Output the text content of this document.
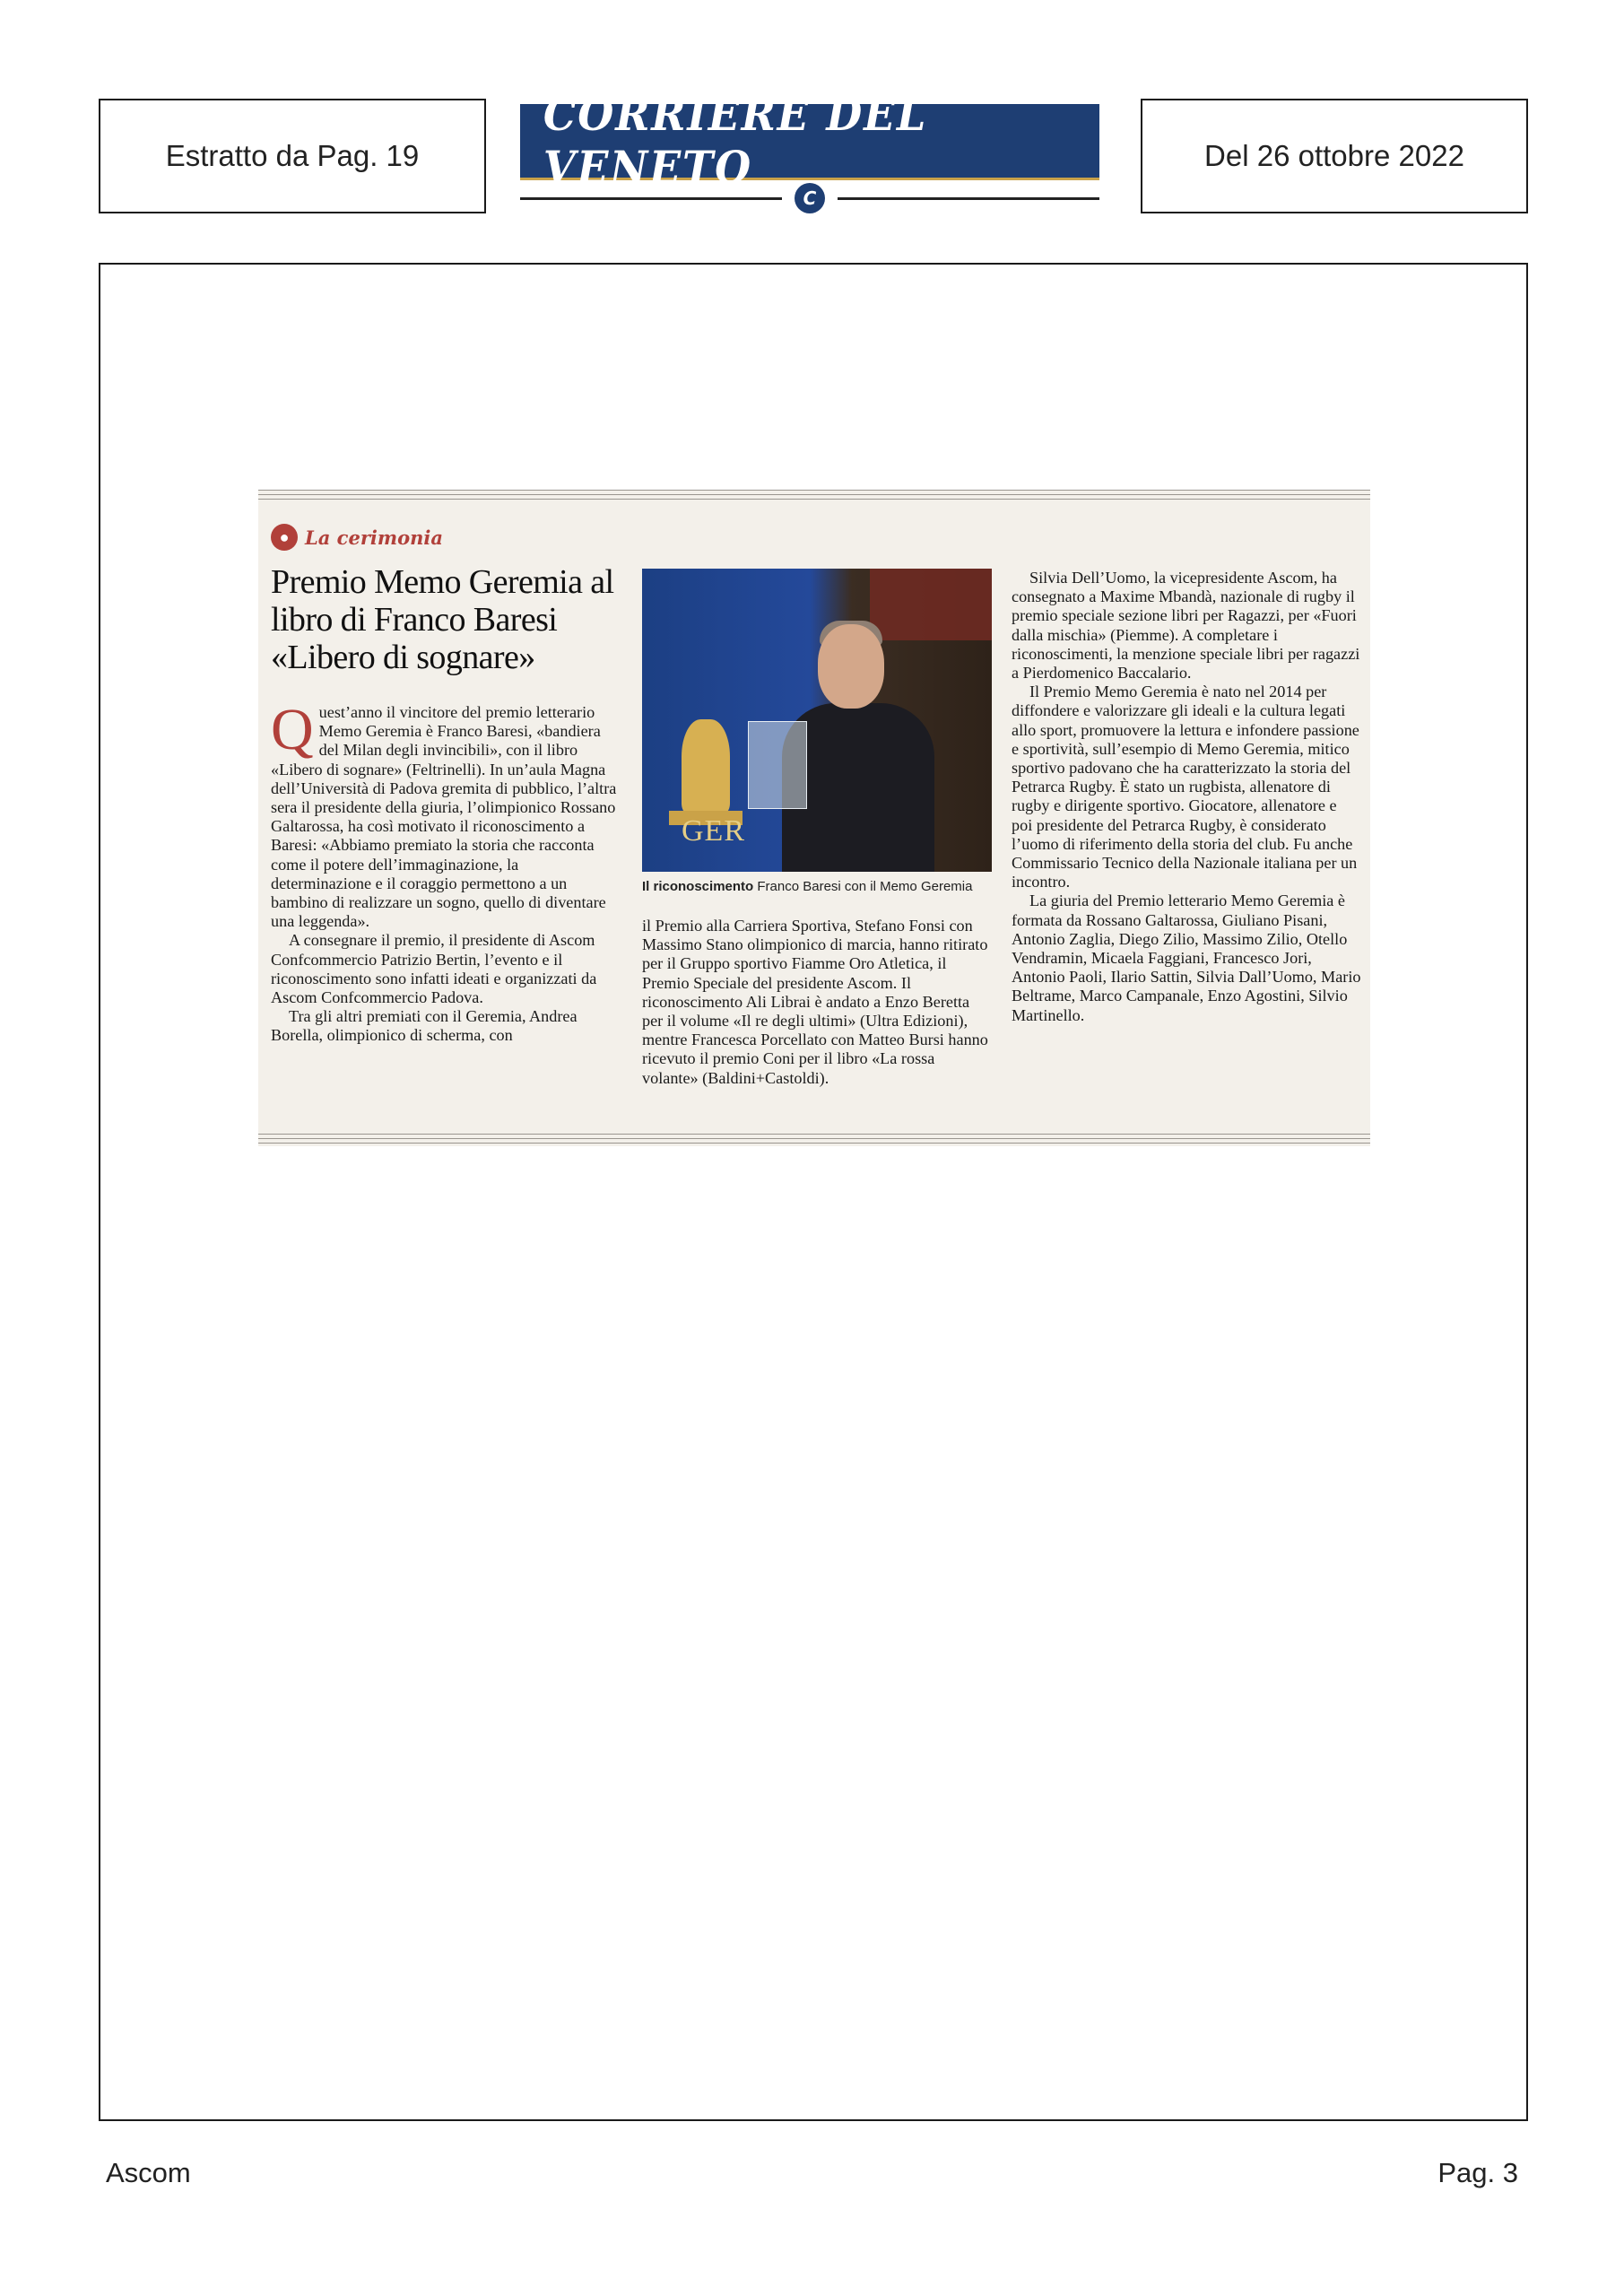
Estratto da Pag. 19
CORRIERE DEL VENETO
C
Del 26 ottobre 2022
● La cerimonia
Premio Memo Geremia al libro di Franco Baresi «Libero di sognare»
Q uest’anno il vincitore del premio letterario Memo Geremia è Franco Baresi, «bandiera del Milan degli invincibili», con il libro «Libero di sognare» (Feltrinelli). In un’aula Magna dell’Università di Padova gremita di pubblico, l’altra sera il presidente della giuria, l’olimpionico Rossano Galtarossa, ha così motivato il riconoscimento a Baresi: «Abbiamo premiato la storia che racconta come il potere dell’immaginazione, la determinazione e il coraggio permettono a un bambino di realizzare un sogno, quello di diventare una leggenda».

A consegnare il premio, il presidente di Ascom Confcommercio Patrizio Bertin, l’evento e il riconoscimento sono infatti ideati e organizzati da Ascom Confcommercio Padova.

Tra gli altri premiati con il Geremia, Andrea Borella, olimpionico di scherma, con

GER
Il riconoscimento Franco Baresi con il Memo Geremia

il Premio alla Carriera Sportiva, Stefano Fonsi con Massimo Stano olimpionico di marcia, hanno ritirato per il Gruppo sportivo Fiamme Oro Atletica, il Premio Speciale del presidente Ascom. Il riconoscimento Ali Librai è andato a Enzo Beretta per il volume «Il re degli ultimi» (Ultra Edizioni), mentre Francesca Porcellato con Matteo Bursi hanno ricevuto il premio Coni per il libro «La rossa volante» (Baldini+Castoldi).

Silvia Dell’Uomo, la vicepresidente Ascom, ha consegnato a Maxime Mbandà, nazionale di rugby il premio speciale sezione libri per Ragazzi, per «Fuori dalla mischia» (Piemme). A completare i riconoscimenti, la menzione speciale libri per ragazzi a Pierdomenico Baccalario.

Il Premio Memo Geremia è nato nel 2014 per diffondere e valorizzare gli ideali e la cultura legati allo sport, promuovere la lettura e infondere passione e sportività, sull’esempio di Memo Geremia, mitico sportivo padovano che ha caratterizzato la storia del Petrarca Rugby. È stato un rugbista, allenatore di rugby e dirigente sportivo. Giocatore, allenatore e poi presidente del Petrarca Rugby, è considerato l’uomo di riferimento della storia del club. Fu anche Commissario Tecnico della Nazionale italiana per un incontro.

La giuria del Premio letterario Memo Geremia è formata da Rossano Galtarossa, Giuliano Pisani, Antonio Zaglia, Diego Zilio, Massimo Zilio, Otello Vendramin, Micaela Faggiani, Francesco Jori, Antonio Paoli, Ilario Sattin, Silvia Dall’Uomo, Mario Beltrame, Marco Campanale, Enzo Agostini, Silvio Martinello.

Ascom	Pag. 3
